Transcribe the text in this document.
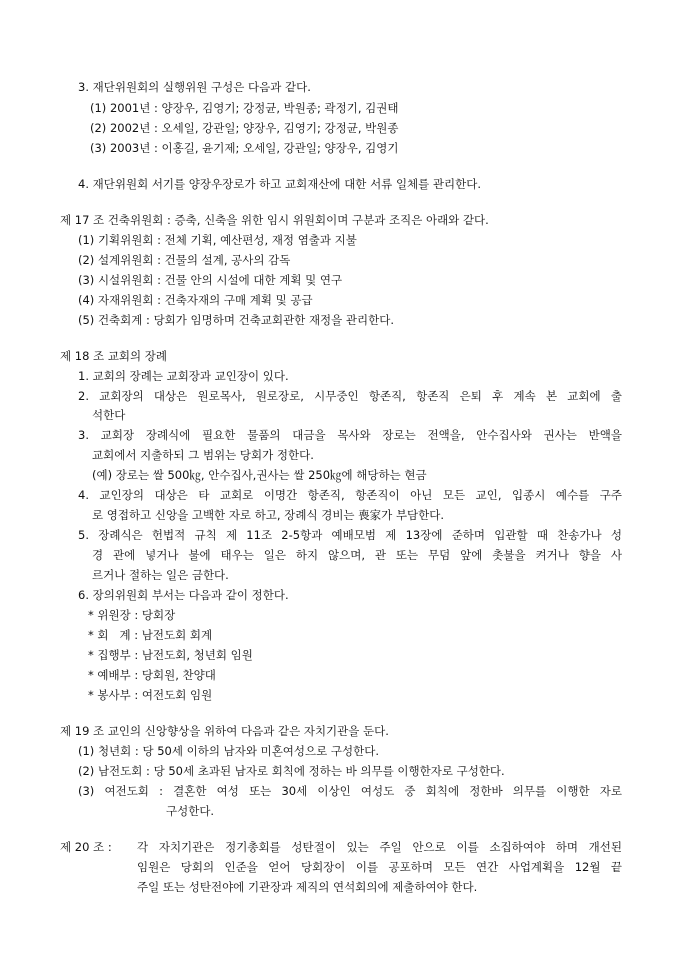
3. 재단위원회의 실행위원 구성은 다음과 같다.
(1) 2001년 : 양장우, 김영기; 강정균, 박원종; 곽정기, 김권태
(2) 2002년 : 오세일, 강관일; 양장우, 김영기; 강정균, 박원종
(3) 2003년 : 이홍길, 윤기제; 오세일, 강관일; 양장우, 김영기
4. 재단위원회 서기를 양장우장로가 하고 교회재산에 대한 서류 일체를 관리한다.
제 17 조 건축위원회 : 증축, 신축을 위한 임시 위원회이며 구분과 조직은 아래와 같다.
(1) 기획위원회 : 전체 기획, 예산편성, 재정 염출과 지불
(2) 설계위원회 : 건물의 설계, 공사의 감독
(3) 시설위원회 : 건물 안의 시설에 대한 계획 및 연구
(4) 자재위원회 : 건축자재의 구매 계획 및 공급
(5) 건축회계 : 당회가 임명하며 건축교회관한 재정을 관리한다.
제 18 조 교회의 장례
1. 교회의 장례는 교회장과 교인장이 있다.
2. 교회장의 대상은 원로목사, 원로장로, 시무중인 항존직, 항존직 은퇴 후 계속 본 교회에 출
석한다
3. 교회장 장례식에 필요한 물품의 대금을 목사와 장로는 전액을, 안수집사와 권사는 반액을
교회에서 지출하되 그 범위는 당회가 정한다.
(예) 장로는 쌀 500㎏, 안수집사,권사는 쌀 250㎏에 해당하는 현금
4. 교인장의 대상은 타 교회로 이명간 항존직, 항존직이 아닌 모든 교인, 입종시 예수를 구주
로 영접하고 신앙을 고백한 자로 하고, 장례식 경비는 喪家가 부담한다.
5. 장례식은 헌법적 규칙 제 11조 2-5항과 예배모범 제 13장에 준하며 입관할 때 찬송가나 성
경 관에 넣거나 불에 태우는 일은 하지 않으며, 관 또는 무덤 앞에 촛불을 켜거나 향을 사
르거나 절하는 일은 금한다.
6. 장의위원회 부서는 다음과 같이 정한다.
* 위원장 : 당회장
* 회   계 : 남전도회 회계
* 집행부 : 남전도회, 청년회 임원
* 예배부 : 당회원, 찬양대
* 봉사부 : 여전도회 임원
제 19 조 교인의 신앙향상을 위하여 다음과 같은 자치기관을 둔다.
(1) 청년회 : 당 50세 이하의 남자와 미혼여성으로 구성한다.
(2) 남전도회 : 당 50세 초과된 남자로 회칙에 정하는 바 의무를 이행한자로 구성한다.
(3) 여전도회 : 결혼한 여성 또는 30세 이상인 여성도 중 회칙에 정한바 의무를 이행한 자로
구성한다.
제 20 조 : 각 자치기관은 정기총회를 성탄절이 있는 주일 안으로 이를 소집하여야 하며 개선된
임원은 당회의 인준을 얻어 당회장이 이를 공포하며 모든 연간 사업계획을 12월 끝
주일 또는 성탄전야에 기관장과 제직의 연석회의에 제출하여야 한다.
